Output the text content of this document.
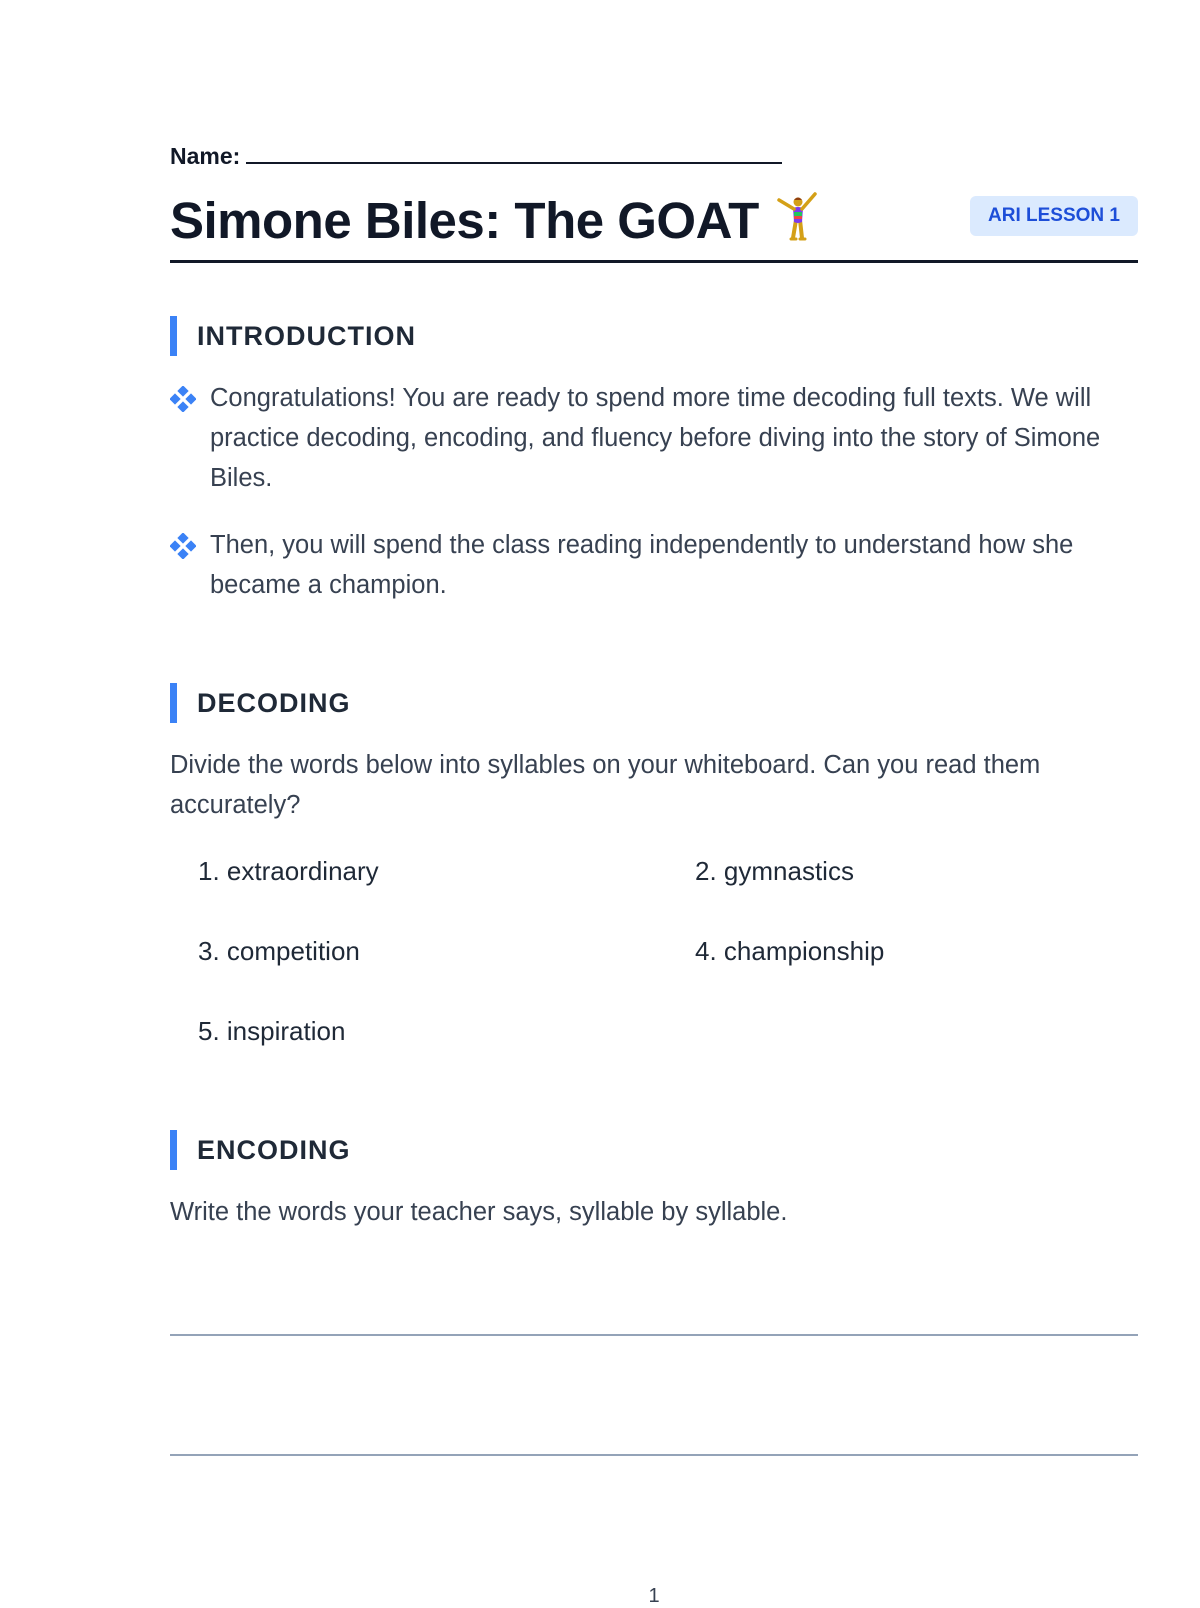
Name:
Simone Biles: The GOAT	ARI LESSON 1
INTRODUCTION
Congratulations! You are ready to spend more time decoding full texts. We will practice decoding, encoding, and fluency before diving into the story of Simone Biles.
Then, you will spend the class reading independently to understand how she became a champion.
DECODING
Divide the words below into syllables on your whiteboard. Can you read them accurately?
1. extraordinary	2. gymnastics
3. competition	4. championship
5. inspiration
ENCODING
Write the words your teacher says, syllable by syllable.
1
